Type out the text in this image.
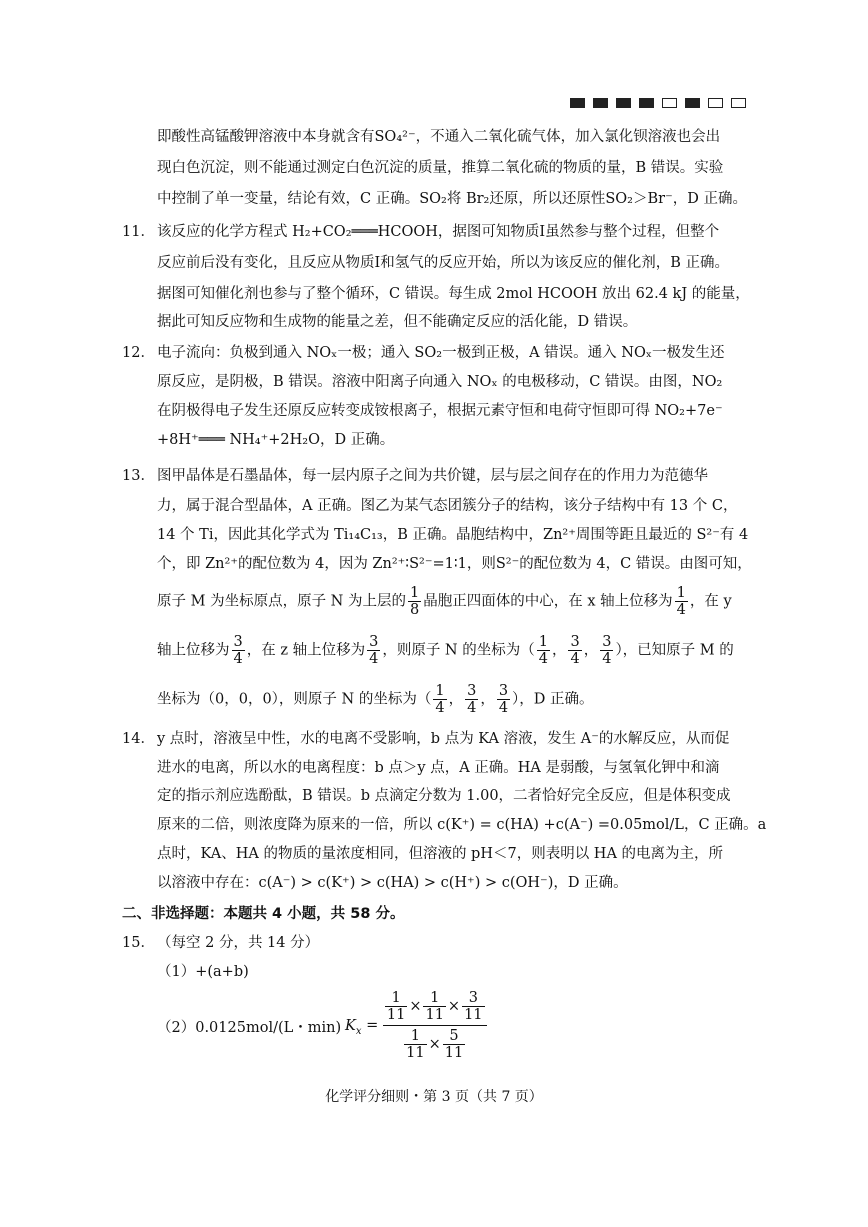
即酸性高锰酸钾溶液中本身就含有SO₄²⁻，不通入二氧化硫气体，加入氯化钡溶液也会出
现白色沉淀，则不能通过测定白色沉淀的质量，推算二氧化硫的物质的量，B 错误。实验
中控制了单一变量，结论有效，C 正确。SO₂将 Br₂还原，所以还原性SO₂＞Br⁻，D 正确。
11． 该反应的化学方程式 H₂+CO₂═══HCOOH，据图可知物质Ⅰ虽然参与整个过程，但整个
反应前后没有变化，且反应从物质Ⅰ和氢气的反应开始，所以为该反应的催化剂，B 正确。
据图可知催化剂也参与了整个循环，C 错误。每生成 2mol HCOOH 放出 62.4 kJ 的能量，
据此可知反应物和生成物的能量之差，但不能确定反应的活化能，D 错误。
12． 电子流向：负极到通入 NOₓ一极；通入 SO₂一极到正极，A 错误。通入 NOₓ一极发生还
原反应，是阴极，B 错误。溶液中阳离子向通入 NOₓ 的电极移动，C 错误。由图，NO₂
在阴极得电子发生还原反应转变成铵根离子，根据元素守恒和电荷守恒即可得 NO₂+7e⁻
+8H⁺═══ NH₄⁺+2H₂O，D 正确。
13． 图甲晶体是石墨晶体，每一层内原子之间为共价键，层与层之间存在的作用力为范德华
力，属于混合型晶体，A 正确。图乙为某气态团簇分子的结构，该分子结构中有 13 个 C，
14 个 Ti，因此其化学式为 Ti₁₄C₁₃，B 正确。晶胞结构中，Zn²⁺周围等距且最近的 S²⁻有 4
个，即 Zn²⁺的配位数为 4，因为 Zn²⁺∶S²⁻=1∶1，则S²⁻的配位数为 4，C 错误。由图可知，
原子 M 为坐标原点，原子 N 为上层的 $\frac{1}{8}$ 晶胞正四面体的中心，在 x 轴上位移为 $\frac{1}{4}$ ，在 y
轴上位移为 $\frac{3}{4}$ ，在 z 轴上位移为 $\frac{3}{4}$ ，则原子 N 的坐标为（ $\frac{1}{4}$ ， $\frac{3}{4}$ ， $\frac{3}{4}$ ），已知原子 M 的
坐标为（0，0，0），则原子 N 的坐标为（ $\frac{1}{4}$ ， $\frac{3}{4}$ ， $\frac{3}{4}$ ），D 正确。
14． y 点时，溶液呈中性，水的电离不受影响，b 点为 KA 溶液，发生 A⁻的水解反应，从而促
进水的电离，所以水的电离程度：b 点＞y 点，A 正确。HA 是弱酸，与氢氧化钾中和滴
定的指示剂应选酚酞，B 错误。b 点滴定分数为 1.00，二者恰好完全反应，但是体积变成
原来的二倍，则浓度降为原来的一倍，所以 c(K⁺) = c(HA) +c(A⁻) =0.05mol/L，C 正确。a
点时，KA、HA 的物质的量浓度相同，但溶液的 pH＜7，则表明以 HA 的电离为主，所
以溶液中存在：c(A⁻) > c(K⁺) > c(HA) > c(H⁺) > c(OH⁻)，D 正确。
二、非选择题：本题共 4 小题，共 58 分。
15． （每空 2 分，共 14 分）
（1）+(a+b)
（2）0.0125mol/(L・min) $K_x = \frac{\frac{1}{11} \times \frac{1}{11} \times \frac{3}{11}}{\frac{1}{11} \times \frac{5}{11}}$
化学评分细则・第 3 页（共 7 页）
